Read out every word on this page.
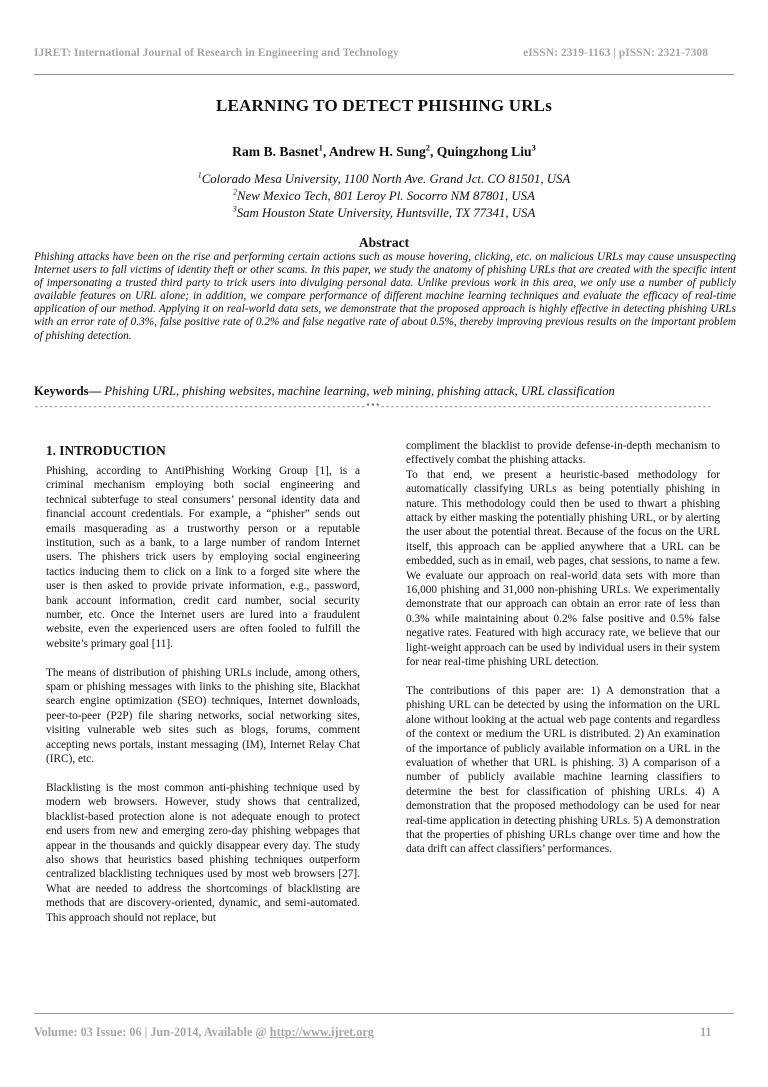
IJRET: International Journal of Research in Engineering and Technology	eISSN: 2319-1163 | pISSN: 2321-7308
LEARNING TO DETECT PHISHING URLs
Ram B. Basnet$^1$, Andrew H. Sung$^2$, Quingzhong Liu$^3$
$^1$Colorado Mesa University, 1100 North Ave. Grand Jct. CO 81501, USA
$^2$New Mexico Tech, 801 Leroy Pl. Socorro NM 87801, USA
$^3$Sam Houston State University, Huntsville, TX 77341, USA
Abstract

Phishing attacks have been on the rise and performing certain actions such as mouse hovering, clicking, etc. on malicious URLs may cause unsuspecting Internet users to fall victims of identity theft or other scams. In this paper, we study the anatomy of phishing URLs that are created with the specific intent of impersonating a trusted third party to trick users into divulging personal data. Unlike previous work in this area, we only use a number of publicly available features on URL alone; in addition, we compare performance of different machine learning techniques and evaluate the efficacy of real-time application of our method. Applying it on real-world data sets, we demonstrate that the proposed approach is highly effective in detecting phishing URLs with an error rate of 0.3%, false positive rate of 0.2% and false negative rate of about 0.5%, thereby improving previous results on the important problem of phishing detection.

Keywords— Phishing URL, phishing websites, machine learning, web mining, phishing attack, URL classification

--------------------------------------------------------------------***--------------------------------------------------------------------
1. INTRODUCTION

Phishing, according to AntiPhishing Working Group [1], is a criminal mechanism employing both social engineering and technical subterfuge to steal consumers’ personal identity data and financial account credentials. For example, a “phisher” sends out emails masquerading as a trustworthy person or a reputable institution, such as a bank, to a large number of random Internet users. The phishers trick users by employing social engineering tactics inducing them to click on a link to a forged site where the user is then asked to provide private information, e.g., password, bank account information, credit card number, social security number, etc. Once the Internet users are lured into a fraudulent website, even the experienced users are often fooled to fulfill the website’s primary goal [11].

The means of distribution of phishing URLs include, among others, spam or phishing messages with links to the phishing site, Blackhat search engine optimization (SEO) techniques, Internet downloads, peer-to-peer (P2P) file sharing networks, social networking sites, visiting vulnerable web sites such as blogs, forums, comment accepting news portals, instant messaging (IM), Internet Relay Chat (IRC), etc.

Blacklisting is the most common anti-phishing technique used by modern web browsers. However, study shows that centralized, blacklist-based protection alone is not adequate enough to protect end users from new and emerging zero-day phishing webpages that appear in the thousands and quickly disappear every day. The study also shows that heuristics based phishing techniques outperform centralized blacklisting techniques used by most web browsers [27]. What are needed to address the shortcomings of blacklisting are methods that are discovery-oriented, dynamic, and semi-automated. This approach should not replace, but

compliment the blacklist to provide defense-in-depth mechanism to effectively combat the phishing attacks.

To that end, we present a heuristic-based methodology for automatically classifying URLs as being potentially phishing in nature. This methodology could then be used to thwart a phishing attack by either masking the potentially phishing URL, or by alerting the user about the potential threat. Because of the focus on the URL itself, this approach can be applied anywhere that a URL can be embedded, such as in email, web pages, chat sessions, to name a few. We evaluate our approach on real-world data sets with more than 16,000 phishing and 31,000 non-phishing URLs. We experimentally demonstrate that our approach can obtain an error rate of less than 0.3% while maintaining about 0.2% false positive and 0.5% false negative rates. Featured with high accuracy rate, we believe that our light-weight approach can be used by individual users in their system for near real-time phishing URL detection.

The contributions of this paper are: 1) A demonstration that a phishing URL can be detected by using the information on the URL alone without looking at the actual web page contents and regardless of the context or medium the URL is distributed. 2) An examination of the importance of publicly available information on a URL in the evaluation of whether that URL is phishing. 3) A comparison of a number of publicly available machine learning classifiers to determine the best for classification of phishing URLs. 4) A demonstration that the proposed methodology can be used for near real-time application in detecting phishing URLs. 5) A demonstration that the properties of phishing URLs change over time and how the data drift can affect classifiers’ performances.

Volume: 03 Issue: 06 | Jun-2014, Available @ http://www.ijret.org	11
